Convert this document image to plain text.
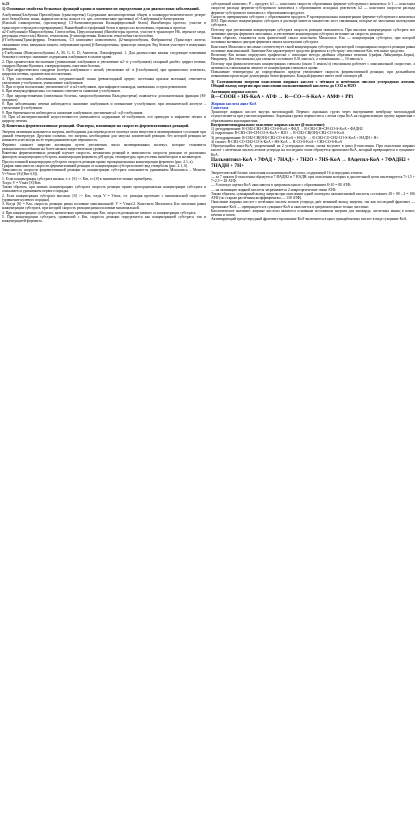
№23

1) Основные свойства белковых функций крови и значение их определения для диагностики заболеваний.

Альбумины(Альбумин Преальбумин (транстиретин) Содержание аполипопротеина общем и холинорро-ионотического резерв-ного белка(белки, ионы, жирные кислоты, ионы в т.ч. цис, изоглюкозные протеины) α1-Альбумины(α-Антитрипсин

(Кислый гликопротеин, (орозомукоид) Сl-Антихимотрипсин Кальцифероловый белок) Ингибиторы протеаз, участие в транспорте стероидов и превращении). Важнейший острофазный белок в процессах воспаления, гормоны и протеаз;

α2-Глобулины(α-Макроглобулин, Гаптоглобин, Церулоплазмин) (Ингибиторы протеаз, участие в транспорте Hb, переносе меди, регуляции гемостаза) Железо, гемопексин, β-липопротеины. Комплекс гемоглобин-гаптоглобин.

β-Глобулины(Трансферрин, Гемопексин, С3 компонент комплемента, β2-микроглобулин, Фибриноген) (Транспорт железа, связывание гема, иммунная защита, свёртывание крови) β-Липопротеины, транспорт липидов. Ряд белков участвует в иммунных реакциях.

γ-Глобулины (Иммуноглобулины А, М, G, E, D; Антитела, Лактоферрин). 1. Для диагностики важны следующие изменения белкового спектра: снижение содержания альбуминов в плазме крови

2. При хроническом воспалении (уменьшение альбуминов и увеличение α2- и γ-глобулинов) сахарный диабет, цирроз печени, синдром Иценко-Кушинга, гиперкортицизм, ожоговая болезнь.

3. При нефротическом синдроме (потеря альбуминов с мочой, увеличение α2- и β-глобулинов), при хронических гепатитах, циррозах печени, хронических воспалениях.

4. При системных заболеваниях соединительной ткани (ревматоидный артрит, системная красная волчанка) отмечается увеличение γ-глобулинов, уменьшение альбуминов.

5. При остром воспалении: увеличение α1- и α2-глобулинов, при инфаркте миокарда, пневмонии, остром ревматизме.

6. При иммунодефицитных состояниях отмечается снижение γ-глобулинов.

7. При парапротеинемии (миеломная болезнь, макроглобулинемия Вальденстрема) появляется дополнительная фракция (М-градиент).

8. При заболеваниях печени наблюдается снижение альбуминов и повышение γ-глобулинов; при механической желтухе – увеличение β-глобулинов.

9. При беременности наблюдается снижение альбуминов, увеличение α2- и β-глобулинов.

10. При α1-антитрипсиновой недостаточности уменьшается содержание α1-глобулинов, что приводит к эмфиземе лёгких и циррозу печени.

2) Кинетика ферментативных реакций. Факторы, влияющие на скорость ферментативных реакций.

Энергия активации называется энергия, необходимая для перевода всех молекул моля вещества в активированное состояние при данной температуре. Другими словами, это энергия, необходимая для запуска химической реакции, без которой реакция не начинается несмотря на ее термодинамическую вероятность.

Фермент снижает энергию активации путем увеличения числа активированных молекул, которые становятся реакционноспособными на более низком энергетическом уровне.

Кинетика ферментативных реакций изучает скорость, механизмы реакций и зависимость скорости реакции от различных факторов: концентрации субстрата, концентрации фермента, pH среды, температуры, присутствия ингибиторов и активаторов.

При постоянной концентрации субстрата скорость реакции прямо пропорциональна концентрации фермента (рис. 2.1, а).

График зависимости скорости ферментативной реакции от концентрации субстрата имеет вид гиперболы (рис. 2.1, б).

Зависимость скорости ферментативной реакции от концентрации субстрата описывается уравнением Михаэлиса – Ментен: V=Vmax·[S]/(Km+[S]).

1. Если концентрация субстрата низкая, т. е. [S] << Km, то [S] в знаменателе можно пренебречь.

Тогда: V = Vmax·[S]/Km.

Таким образом, при низких концентрациях субстрата скорость реакции прямо пропорциональна концентрации субстрата и описывается уравнением первого порядка.

2. Если концентрация субстрата высокая: [S] >> Km, тогда V = Vmax, т.е. реакция протекает с максимальной скоростью (уравнение нулевого порядка).

3. Когда [S] = Km, скорость реакции равна половине максимальной: V = Vmax/2. Константа Михаэлиса Km численно равна концентрации субстрата, при которой скорость реакции равна половине максимальной.

4. При концентрациях субстрата, значительно превышающих Km, скорость реакции не зависит от концентрации субстрата.

5. При концентрации субстрата, сравнимой с Km, скорость реакции определяется как концентрацией субстрата, так и концентрацией фермента.

субстратный комплекс; P – продукт; k1 — константа скорости образования фермент-субстратного комплекса; k-1 — константа скорости распада фермент-субстратного комплекса с образованием исходных реагентов; k2 — константа скорости распада фермент-субстратного комплекса с образованием продукта.

Скорость превращения субстрата с образованием продукта P пропорциональна концентрации фермент-субстратного комплекса [ES]. При малых концентрациях субстрата в растворе имеется множество мест связывания, которые не заполнены молекулами субстрата.

Поэтому при увеличении концентрации субстрата скорость реакции повышается. При высоких концентрациях субстрата все активные центры фермента заполнены, и увеличение концентрации субстрата не влияет на скорость реакции.

Таким образом, становится ясен физический смысл константы Михаэлиса: Km — концентрация субстрата, при которой половина активных центров фермента занята молекулами субстрата.

Константа Михаэлиса численно соответствует такой концентрации субстрата, при которой стационарная скорость реакции равна половине максимальной. Значение Km характеризует сродство фермента к субстрату: чем меньше Km, тем выше сродство.

Величину Km можно определить графически с помощью метода двойных обратных величин (график Лайнуивера–Берка). Например, Km гексокиназы для глюкозы составляет 0,01 ммоль/л, а глюкокиназы — 10 ммоль/л.

Поэтому при физиологических концентрациях глюкозы (около 5 ммоль/л) гексокиназа работает с максимальной скоростью, а активность глюкокиназы зависит от концентрации глюкозы в крови.

Повышение температуры до определённого предела увеличивает скорость ферментативной реакции; при дальнейшем повышении происходит денатурация белка-фермента. Каждый фермент имеет свой оптимум pH.

3) Соотношения энергии окисления жирных кислот с чётным и нечётным числом углеродных атомов. Общий выход энергии при окислении пальмитиновой кислоты до CO2 и H2O

Активация жирных кислот.

R—COOH + HS-KoA + АТФ → R—CO—S-KoA + АМФ + PPi

Жирная кислота ацил-КоА

Синтетаза

Транспорт жирных кислот внутрь митохондрий. Перенос ацильных групп через внутреннюю мембрану митохондрий осуществляется при участии карнитина. Ацильная группа переносится с атома серы КоА на гидроксильную группу карнитина с образованием ацилкарнитина.

Внутримитохондриальное окисление жирных кислот (β-окисление):

1) дегидрирование: R-CH2-CH2-CH2-CO-S-KoA + ФАД → R-CH2-CH=CH-CO-S-KoA + ФАДН2

2) гидратация: R-CH2-CH=CH-CO-S-KoA + H2O → R-CH2-CH(OH)-CH2-CO-S-KoA

3) дегидрирование: R-CH2-CH(OH)-CH2-CO-S-KoA + НАД+ → R-CH2-CO-CH2-CO-S-KoA + НАДН + H+

4) тиолиз: R-CH2-CO-CH2-CO-S-KoA + HS-KoA → R-CO-S-KoA + CH3-CO-S-KoA

Образующийся ацил-КоА, укороченный на 2 углеродных атома, снова вступает в цикл β-окисления. При окислении жирных кислот с нечётным числом атомов углерода на последнем этапе образуется пропионил-КоА, который превращается в сукцинил-КоА.

Пальмитоил-КоА + 7ФАД + 7НАД+ + 7H2O + 7HS-KoA → 8Ацетил-КоА + 7ФАДН2 + 7НАДН + 7H+

Энергетический баланс окисления пальмитиновой кислоты, содержащей 16 углеродных атомов:

— за 7 циклов β-окисления образуется 7 ФАДН2 и 7 НАДН, при окислении которых в дыхательной цепи синтезируется 7×1,5 + 7×2,5 = 28 АТФ;

— 8 молекул ацетил-КоА окисляются в цитратном цикле с образованием 8×10 = 80 АТФ;

— на активацию жирной кислоты затрачивается 2 макроэргические связи АТФ.

Таким образом, суммарный выход энергии при окислении одной молекулы пальмитиновой кислоты составляет 28 + 80 – 2 = 106 АТФ (по старым расчётным коэффициентам — 130 АТФ).

Окисление жирных кислот с нечётным числом атомов углерода даёт меньший выход энергии, так как последний фрагмент — пропионил-КоА — превращается в сукцинил-КоА и окисляется в цитратном цикле только частично.

Биологическое значение: жирные кислоты являются основным источником энергии для миокарда, скелетных мышц в покое, печени и почек.

Активирующий трехуглеродный фрагмент-пропионил-КоА-включается в цикл трикарбоновых кислот в виде сукцинил-КоА.
